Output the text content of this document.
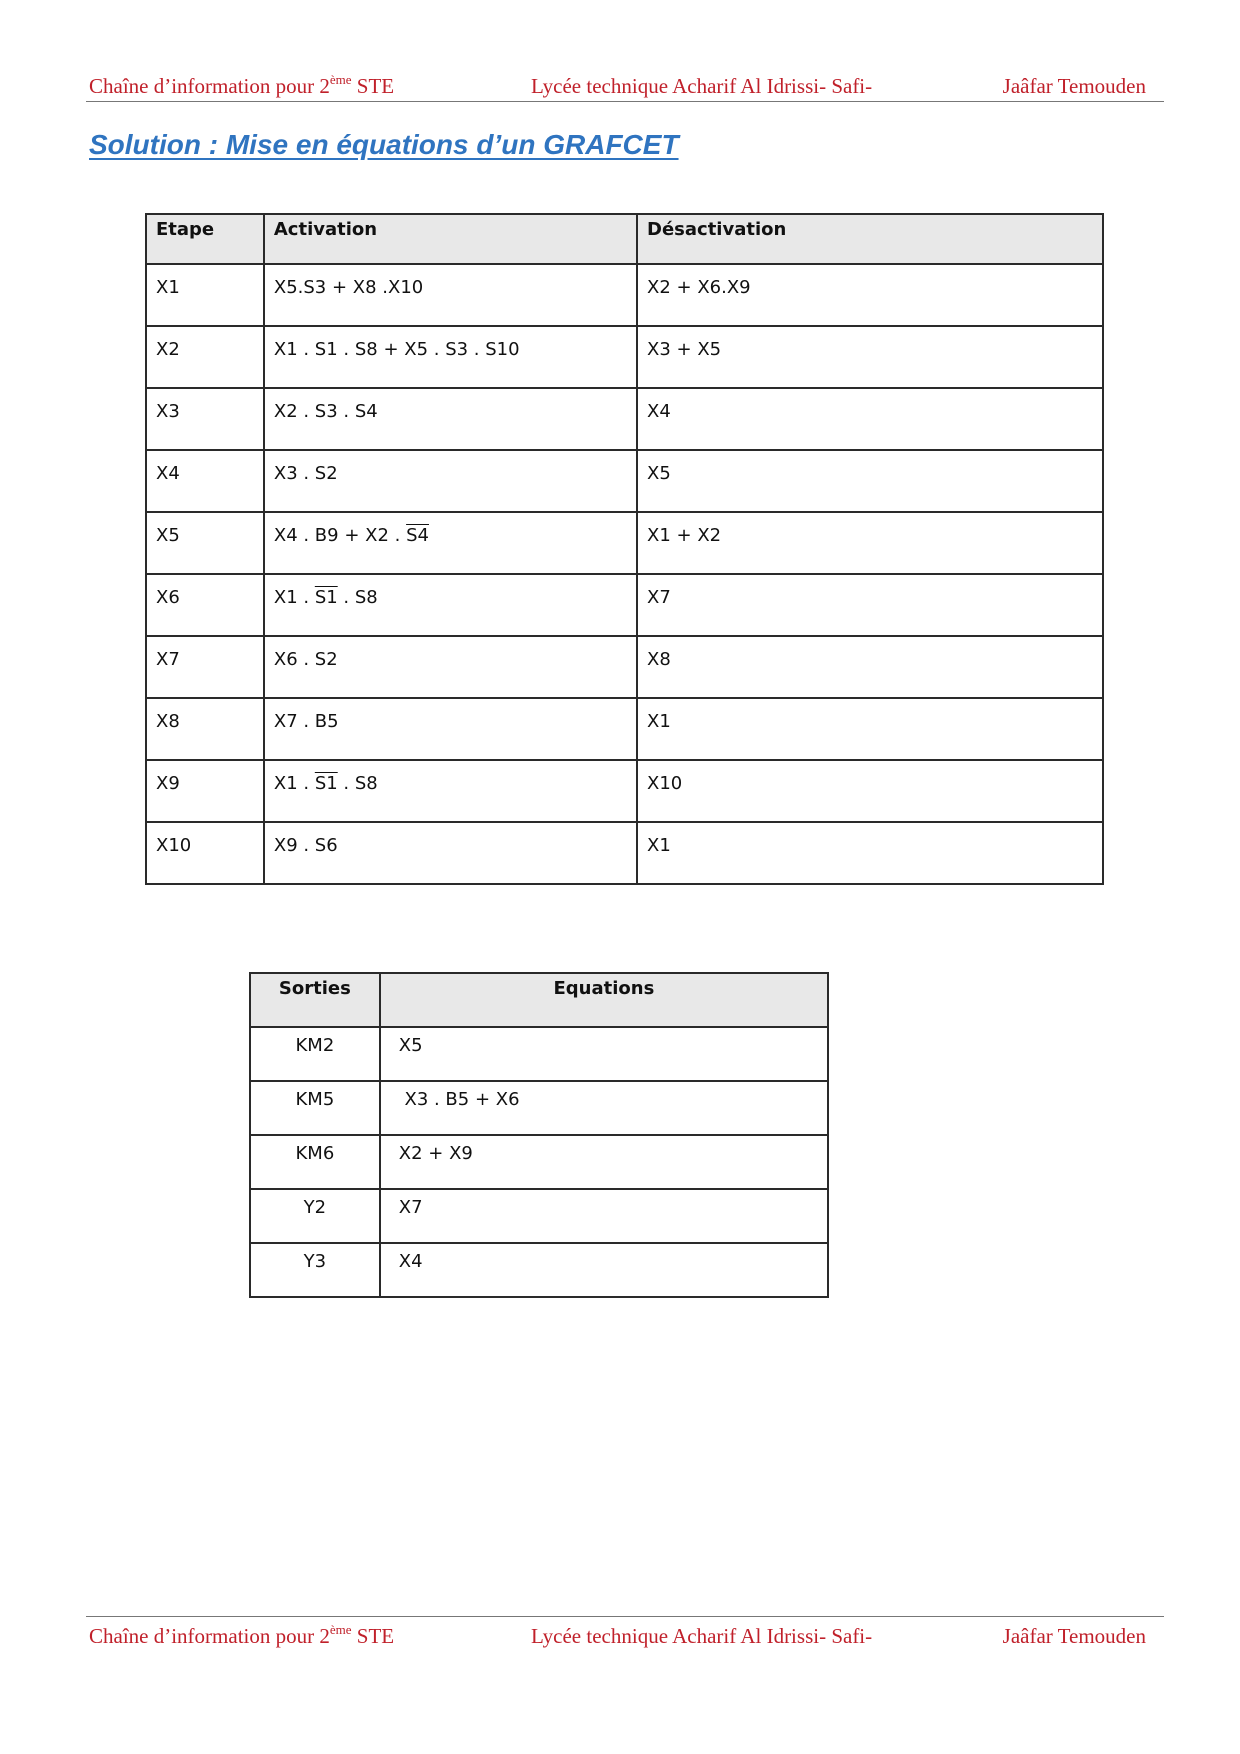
Chaîne d’information pour 2ème STE	Lycée technique Acharif Al Idrissi- Safi-	Jaâfar Temouden
Solution : Mise en équations d’un GRAFCET
Etape	Activation	Désactivation
X1	X5.S3 + X8 .X10	X2 + X6.X9
X2	X1 . S1 . S8 + X5 . S3 . S10	X3 + X5
X3	X2 . S3 . S4	X4
X4	X3 . S2	X5
X5	X4 . B9 + X2 . S4	X1 + X2
X6	X1 . S1 . S8	X7
X7	X6 . S2	X8
X8	X7 . B5	X1
X9	X1 . S1 . S8	X10
X10	X9 . S6	X1
Sorties	Equations
KM2	X5
KM5	X3 . B5 + X6
KM6	X2 + X9
Y2	X7
Y3	X4
Chaîne d’information pour 2ème STE	Lycée technique Acharif Al Idrissi- Safi-	Jaâfar Temouden
